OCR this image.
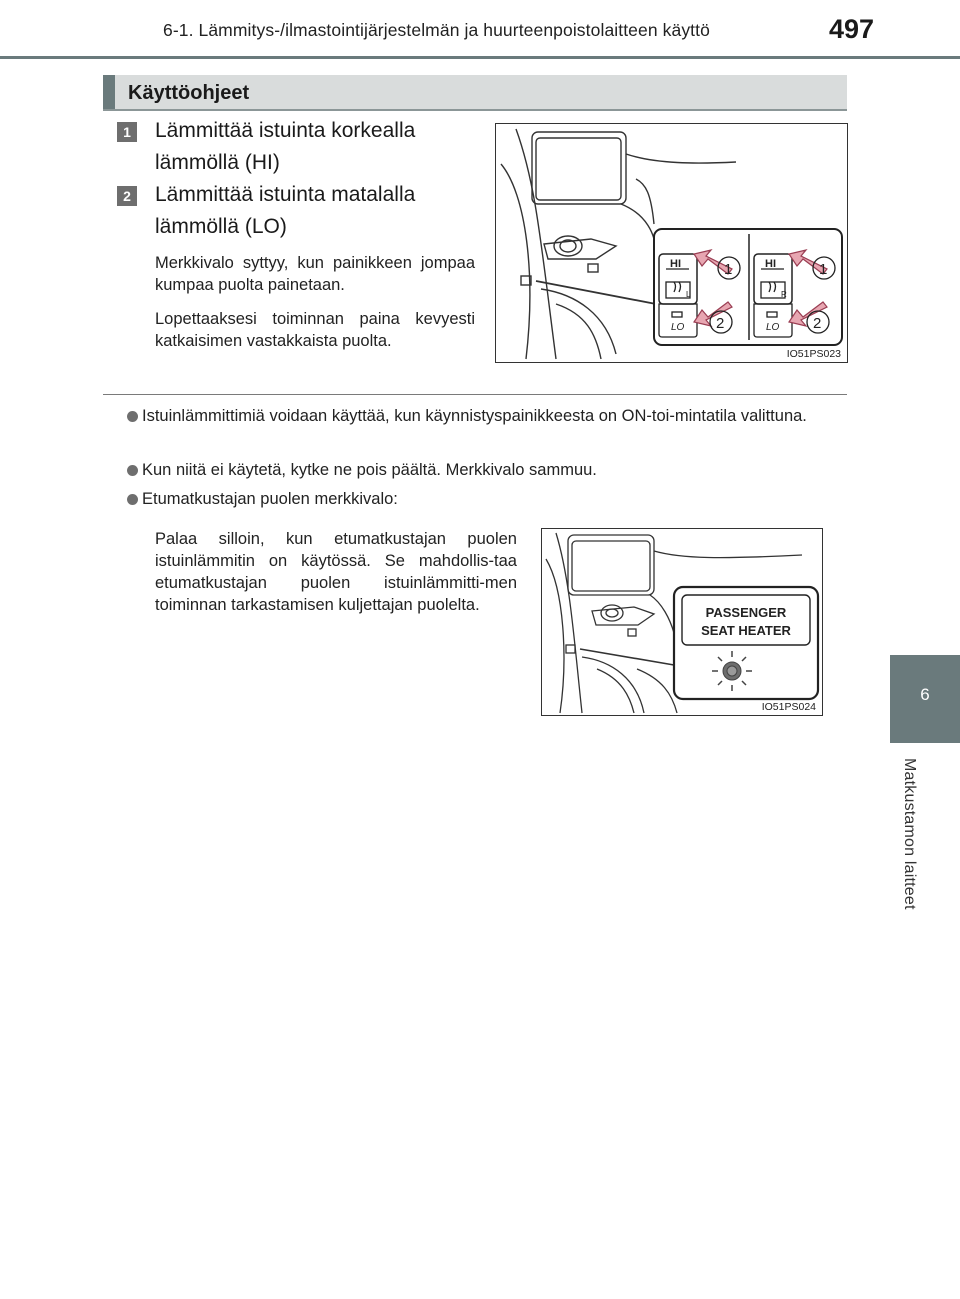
6-1. Lämmitys-/ilmastointijärjestelmän ja huurteenpoistolaitteen käyttö	497
6
Matkustamon laitteet
Käyttöohjeet
1 Lämmittää istuinta korkealla lämmöllä (HI)
2 Lämmittää istuinta matalalla lämmöllä (LO)
Merkkivalo syttyy, kun painikkeen jompaa kumpaa puolta painetaan.
Lopettaaksesi toiminnan paina kevyesti katkaisimen vastakkaista puolta.
HI
L
LO
HI
R
LO
1
2
1
2
IO51PS023
Istuinlämmittimiä voidaan käyttää, kun käynnistyspainikkeesta on ON-toi-mintatila valittuna.
Kun niitä ei käytetä, kytke ne pois päältä. Merkkivalo sammuu.
Etumatkustajan puolen merkkivalo:
Palaa silloin, kun etumatkustajan puolen istuinlämmitin on käytössä. Se mahdollis-taa etumatkustajan puolen istuinlämmitti-men toiminnan tarkastamisen kuljettajan puolelta.	PASSENGER
SEAT HEATER
IO51PS024
